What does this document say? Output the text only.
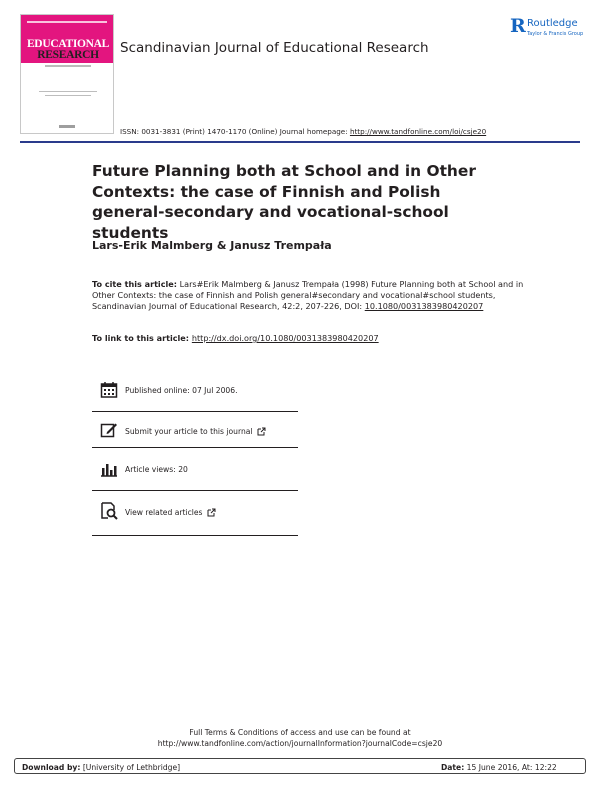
EDUCATIONAL
RESEARCH	Scandinavian Journal of Educational Research
ISSN: 0031-3831 (Print) 1470-1170 (Online) Journal homepage: http://www.tandfonline.com/loi/csje20
R Routledge
Taylor & Francis Group
Future Planning both at School and in Other Contexts: the case of Finnish and Polish general-secondary and vocational-school students
Lars-Erik Malmberg & Janusz Trempała
To cite this article: Lars#Erik Malmberg & Janusz Trempała (1998) Future Planning both at School and in Other Contexts: the case of Finnish and Polish general#secondary and vocational#school students, Scandinavian Journal of Educational Research, 42:2, 207-226, DOI: 10.1080/0031383980420207
To link to this article: http://dx.doi.org/10.1080/0031383980420207
Published online: 07 Jul 2006.
Submit your article to this journal
Article views: 20
View related articles
Full Terms & Conditions of access and use can be found at
http://www.tandfonline.com/action/journalInformation?journalCode=csje20
Download by: [University of Lethbridge]	Date: 15 June 2016, At: 12:22
